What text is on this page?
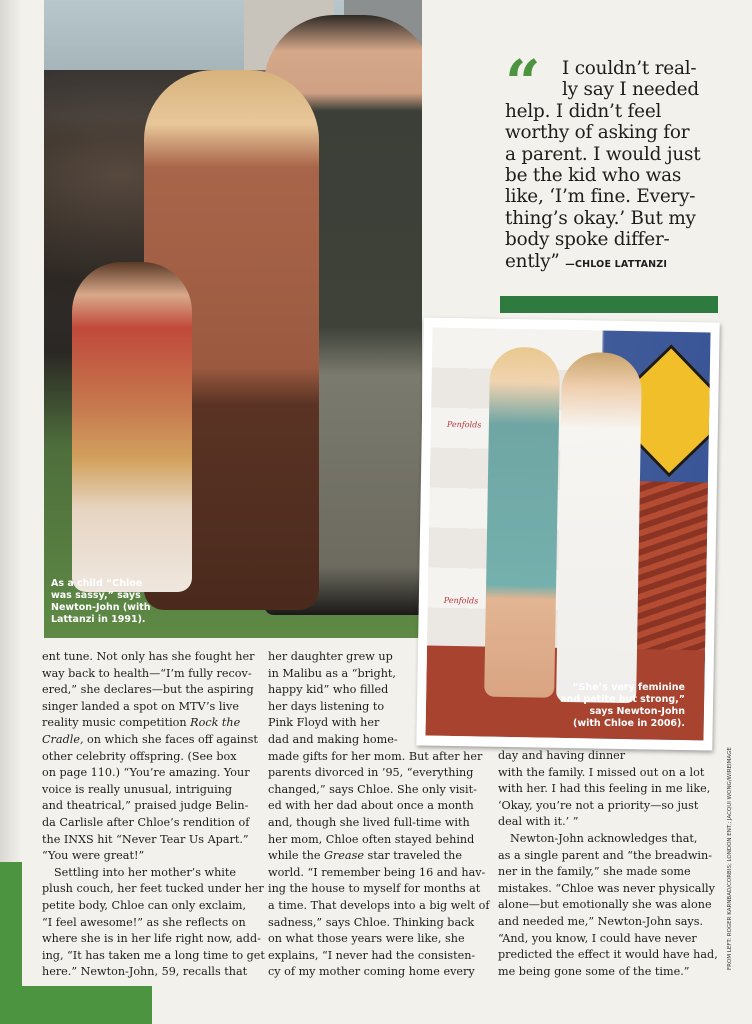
As a child “Chloe
was sassy,” says
Newton-John (with
Lattanzi in 1991).
“	I couldn’t real-
ly say I needed
help. I didn’t feel
worthy of asking for
a parent. I would just
be the kid who was
like, ‘I’m fine. Every-
thing’s okay.’ But my
body spoke differ-
ently” —CHLOE LATTANZI

Penfolds
Penfolds
“She’s very feminine
and petite but strong,”
says Newton-John
(with Chloe in 2006).
ent tune. Not only has she fought her
way back to health—“I’m fully recov-
ered,” she declares—but the aspiring
singer landed a spot on MTV’s live
reality music competition Rock the
Cradle, on which she faces off against
other celebrity offspring. (See box
on page 110.) “You’re amazing. Your
voice is really unusual, intriguing
and theatrical,” praised judge Belin-
da Carlisle after Chloe’s rendition of
the INXS hit “Never Tear Us Apart.”
“You were great!”
Settling into her mother’s white
plush couch, her feet tucked under her
petite body, Chloe can only exclaim,
“I feel awesome!” as she reflects on
where she is in her life right now, add-
ing, “It has taken me a long time to get
here.” Newton-John, 59, recalls that
her daughter grew up
in Malibu as a “bright,
happy kid” who filled
her days listening to
Pink Floyd with her
dad and making home-
made gifts for her mom. But after her
parents divorced in ’95, “everything
changed,” says Chloe. She only visit-
ed with her dad about once a month
and, though she lived full-time with
her mom, Chloe often stayed behind
while the Grease star traveled the
world. “I remember being 16 and hav-
ing the house to myself for months at
a time. That develops into a big welt of
sadness,” says Chloe. Thinking back
on what those years were like, she
explains, “I never had the consisten-
cy of my mother coming home every
day and having dinner
with the family. I missed out on a lot
with her. I had this feeling in me like,
‘Okay, you’re not a priority—so just
deal with it.’ ”
Newton-John acknowledges that,
as a single parent and “the breadwin-
ner in the family,” she made some
mistakes. “Chloe was never physically
alone—but emotionally she was alone
and needed me,” Newton-John says.
“And, you know, I could have never
predicted the effect it would have had,
me being gone some of the time.”
FROM LEFT: ROGER KARNBAD/CORBIS; LONDON ENT.; JACQUI WONG/WIREIMAGE
